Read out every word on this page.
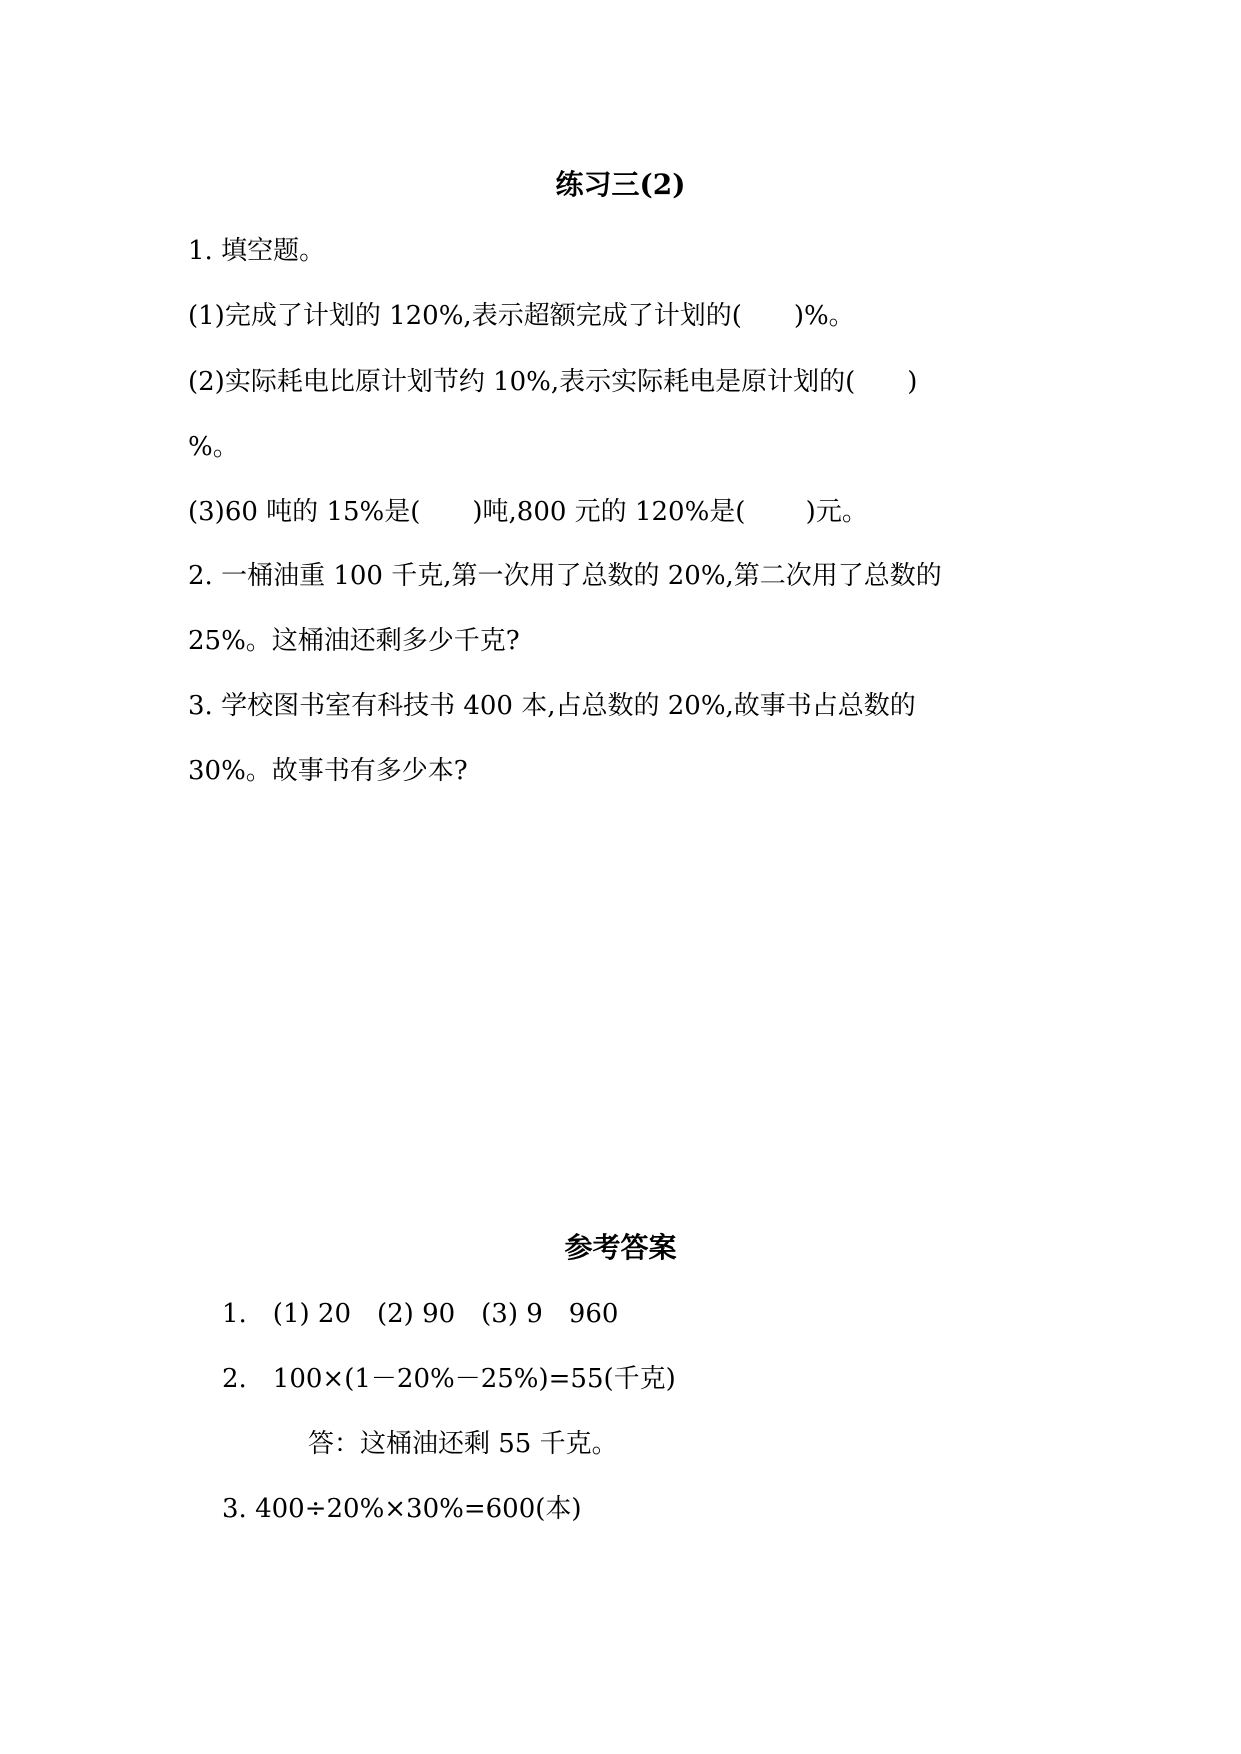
练习三(2)
1. 填空题。
(1)完成了计划的 120%,表示超额完成了计划的(　　)%。
(2)实际耗电比原计划节约 10%,表示实际耗电是原计划的(　　)
%。
(3)60 吨的 15%是(　　)吨,800 元的 120%是(　　 )元。
2. 一桶油重 100 千克,第一次用了总数的 20%,第二次用了总数的
25%。这桶油还剩多少千克?
3. 学校图书室有科技书 400 本,占总数的 20%,故事书占总数的
30%。故事书有多少本?
参考答案
1.　(1) 20　(2) 90　(3) 9　960
2.　100×(1－20%－25%)=55(千克)
答：这桶油还剩 55 千克。
3. 400÷20%×30%=600(本)
